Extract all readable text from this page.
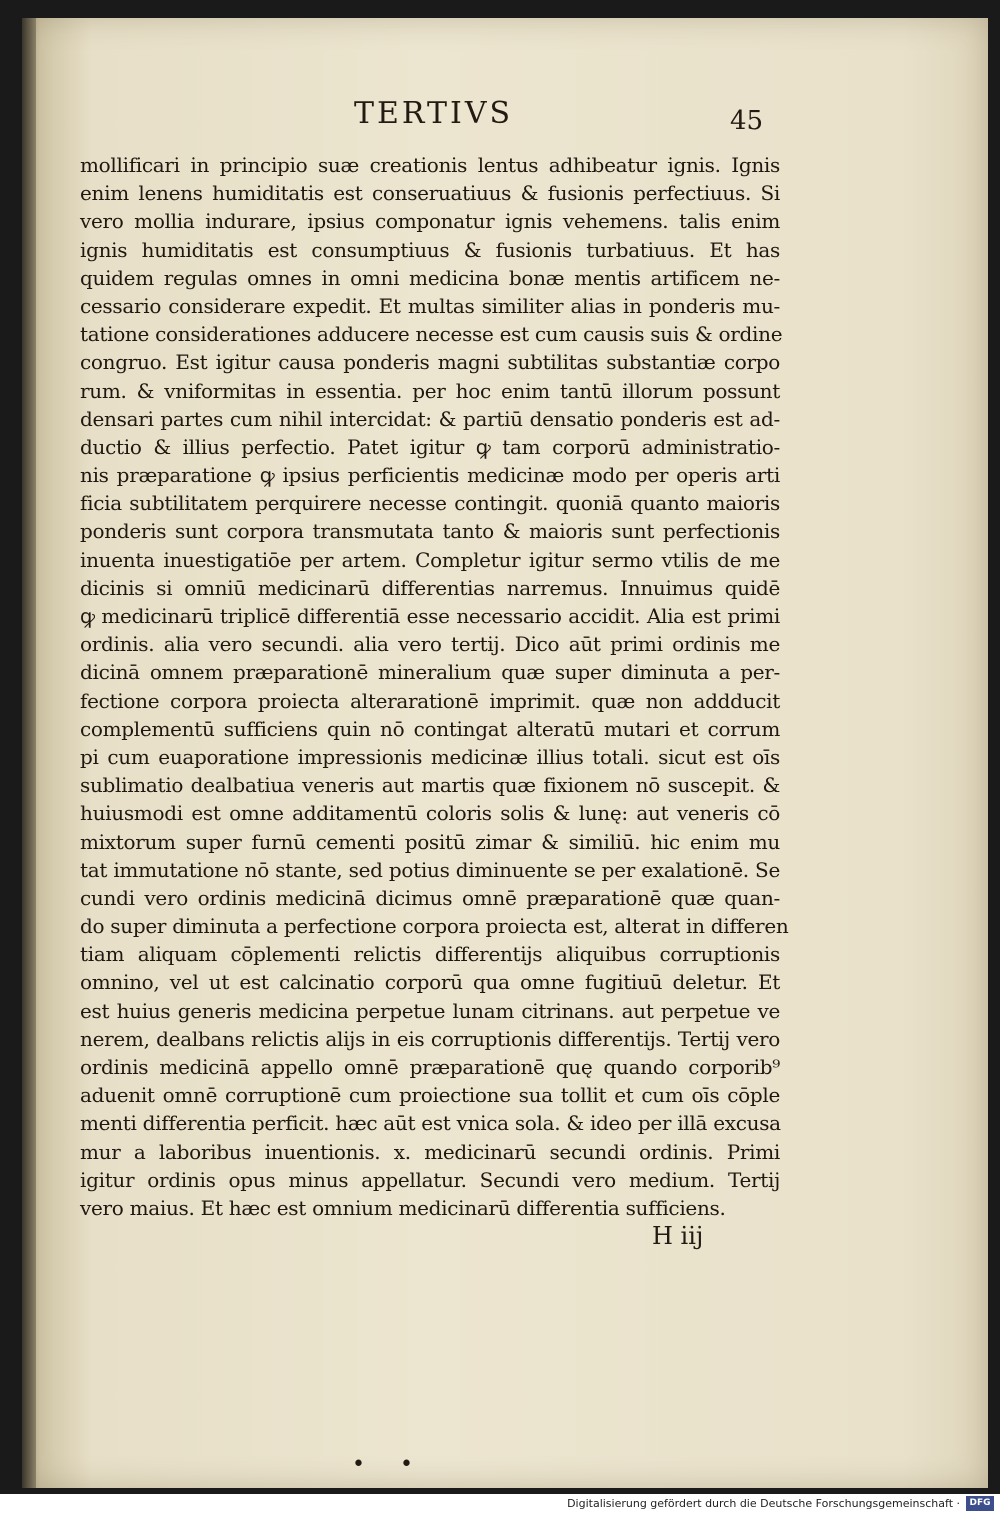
TERTIVS	45
mollificari in principio suæ creationis lentus adhibeatur ignis. Ignis
enim lenens humiditatis est conseruatiuus & fusionis perfectiuus. Si
vero mollia indurare, ipsius componatur ignis vehemens. talis enim
ignis humiditatis est consumptiuus & fusionis turbatiuus. Et has
quidem regulas omnes in omni medicina bonæ mentis artificem ne-
cessario considerare expedit. Et multas similiter alias in ponderis mu-
tatione considerationes adducere necesse est cum causis suis & ordine
congruo. Est igitur causa ponderis magni subtilitas substantiæ corpo
rum. & vniformitas in essentia. per hoc enim tantū illorum possunt
densari partes cum nihil intercidat: & partiū densatio ponderis est ad-
ductio & illius perfectio. Patet igitur ꝙ tam corporū administratio-
nis præparatione ꝙ ipsius perficientis medicinæ modo per operis arti
ficia subtilitatem perquirere necesse contingit. quoniā quanto maioris
ponderis sunt corpora transmutata tanto & maioris sunt perfectionis
inuenta inuestigatiōe per artem. Completur igitur sermo vtilis de me
dicinis si omniū medicinarū differentias narremus. Innuimus quidē
ꝙ medicinarū triplicē differentiā esse necessario accidit. Alia est primi
ordinis. alia vero secundi. alia vero tertij. Dico aūt primi ordinis me
dicinā omnem præparationē mineralium quæ super diminuta a per-
fectione corpora proiecta alterarationē imprimit. quæ non addducit
complementū sufficiens quin nō contingat alteratū mutari et corrum
pi cum euaporatione impressionis medicinæ illius totali. sicut est oīs
sublimatio dealbatiua veneris aut martis quæ fixionem nō suscepit. &
huiusmodi est omne additamentū coloris solis & lunę: aut veneris cō
mixtorum super furnū cementi positū zimar & similiū. hic enim mu
tat immutatione nō stante, sed potius diminuente se per exalationē. Se
cundi vero ordinis medicinā dicimus omnē præparationē quæ quan-
do super diminuta a perfectione corpora proiecta est, alterat in differen
tiam aliquam cōplementi relictis differentijs aliquibus corruptionis
omnino, vel ut est calcinatio corporū qua omne fugitiuū deletur. Et
est huius generis medicina perpetue lunam citrinans. aut perpetue ve
nerem, dealbans relictis alijs in eis corruptionis differentijs. Tertij vero
ordinis medicinā appello omnē præparationē quę quando corporib⁹
aduenit omnē corruptionē cum proiectione sua tollit et cum oīs cōple
menti differentia perficit. hæc aūt est vnica sola. & ideo per illā excusa
mur a laboribus inuentionis. x. medicinarū secundi ordinis. Primi
igitur ordinis opus minus appellatur. Secundi vero medium. Tertij
vero maius. Et hæc est omnium medicinarū differentia sufficiens.
H iij
• •
Digitalisierung gefördert durch die Deutsche Forschungsgemeinschaft ·	DFG
